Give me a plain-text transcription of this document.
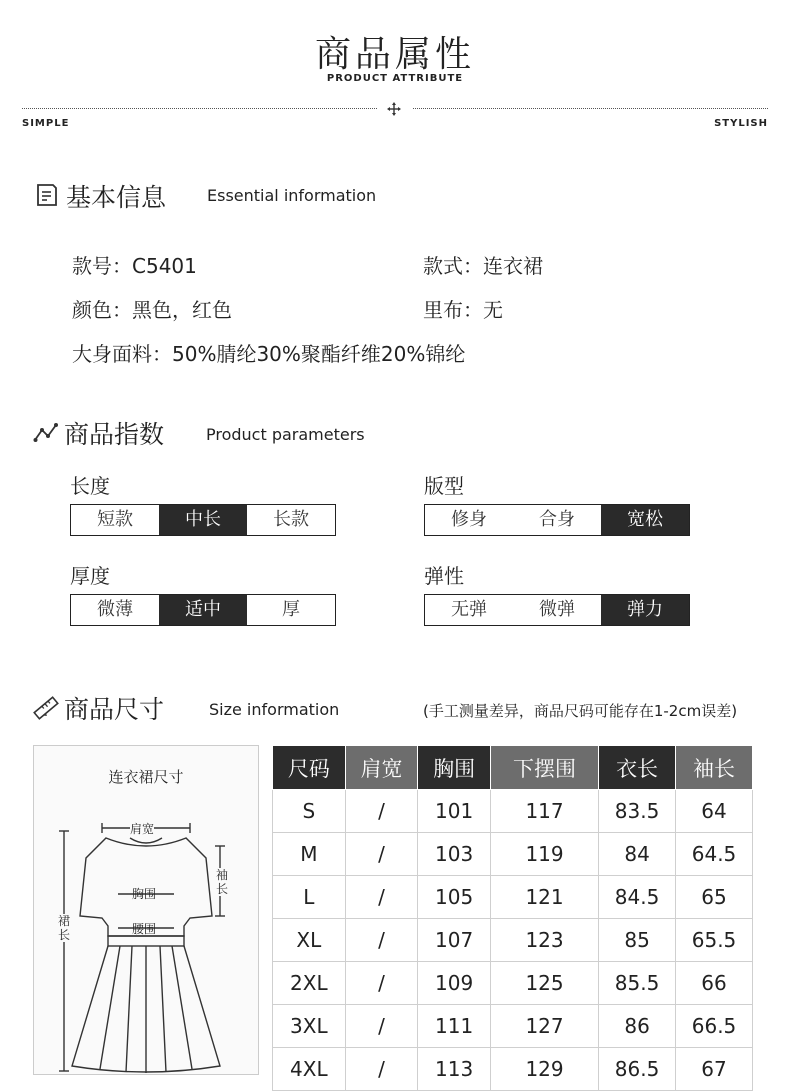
商品属性
PRODUCT ATTRIBUTE
SIMPLE	STYLISH
基本信息	Essential information
款号：C5401	款式：连衣裙
颜色：黑色，红色	里布：无
大身面料：50%腈纶30%聚酯纤维20%锦纶
商品指数	Product parameters
长度
短款	中长	长款
版型
修身	合身	宽松
厚度
微薄	适中	厚
弹性
无弹	微弹	弹力
商品尺寸	Size information	(手工测量差异，商品尺码可能存在1-2cm误差)
连衣裙尺寸
肩宽
胸围
腰围
袖长
裙长
尺码	肩宽	胸围	下摆围	衣长	袖长
S	/	101	117	83.5	64
M	/	103	119	84	64.5
L	/	105	121	84.5	65
XL	/	107	123	85	65.5
2XL	/	109	125	85.5	66
3XL	/	111	127	86	66.5
4XL	/	113	129	86.5	67
